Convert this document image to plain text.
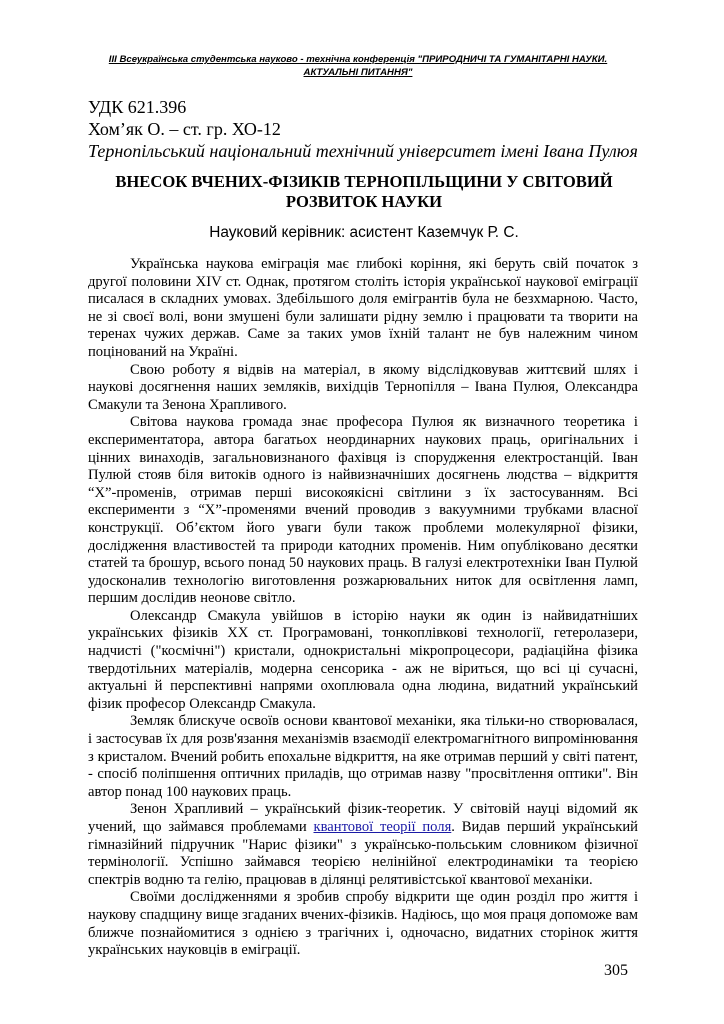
III Всеукраїнська студентська науково - технічна конференція "ПРИРОДНИЧІ ТА ГУМАНІТАРНІ НАУКИ.
АКТУАЛЬНІ ПИТАННЯ"
УДК 621.396
Хом’як О. – ст. гр. ХО-12
Тернопільський національний технічний університет імені Івана Пулюя
ВНЕСОК ВЧЕНИХ-ФІЗИКІВ ТЕРНОПІЛЬЩИНИ У СВІТОВИЙ
РОЗВИТОК НАУКИ
Науковий керівник: асистент Каземчук Р. С.

Українська наукова еміграція має глибокі коріння, які беруть свій початок з другої половини XIV ст. Однак, протягом століть історія української наукової еміграції писалася в складних умовах. Здебільшого доля емігрантів була не безхмарною. Часто, не зі своєї волі, вони змушені були залишати рідну землю і працювати та творити на теренах чужих держав. Саме за таких умов їхній талант не був належним чином поцінований на Україні.

Свою роботу я відвів на матеріал, в якому відслідковував життєвий шлях і наукові досягнення наших земляків, вихідців Тернопілля – Івана Пулюя, Олександра Смакули та Зенона Храпливого.

Світова наукова громада знає професора Пулюя як визначного теоретика і експериментатора, автора багатьох неординарних наукових праць, оригінальних і цінних винаходів, загальновизнаного фахівця із спорудження електростанцій. Іван Пулюй стояв біля витоків одного із найвизначніших досягнень людства – відкриття “X”-променів, отримав перші високоякісні світлини з їх застосуванням. Всі експерименти з “X”-променями вчений проводив з вакуумними трубками власної конструкції. Об’єктом його уваги були також проблеми молекулярної фізики, дослідження властивостей та природи катодних променів. Ним опубліковано десятки статей та брошур, всього понад 50 наукових праць. В галузі електротехніки Іван Пулюй удосконалив технологію виготовлення розжарювальних ниток для освітлення ламп, першим дослідив неонове світло.

Олександр Смакула увійшов в історію науки як один із найвидатніших українських фізиків XX ст. Програмовані, тонкоплівкові технології, гетеролазери, надчисті ("космічні") кристали, однокристальні мікропроцесори, радіаційна фізика твердотільних матеріалів, модерна сенсорика - аж не віриться, що всі ці сучасні, актуальні й перспективні напрями охоплювала одна людина, видатний український фізик професор Олександр Смакула.

Земляк блискуче освоїв основи квантової механіки, яка тільки-но створювалася, і застосував їх для розв'язання механізмів взаємодії електромагнітного випромінювання з кристалом. Вчений робить епохальне відкриття, на яке отримав перший у світі патент, - спосіб поліпшення оптичних приладів, що отримав назву "просвітлення оптики". Він автор понад 100 наукових праць.

Зенон Храпливий – український фізик-теоретик. У світовій науці відомий як учений, що займався проблемами квантової теорії поля. Видав перший український гімназійний підручник "Нарис фізики" з українсько-польським словником фізичної термінології. Успішно займався теорією нелінійної електродинаміки та теорією спектрів водню та гелію, працював в ділянці релятивістської квантової механіки.

Своїми дослідженнями я зробив спробу відкрити ще один розділ про життя і наукову спадщину вище згаданих вчених-фізиків. Надіюсь, що моя праця допоможе вам ближче познайомитися з однією з трагічних і, одночасно, видатних сторінок життя українських науковців в еміграції.

305
